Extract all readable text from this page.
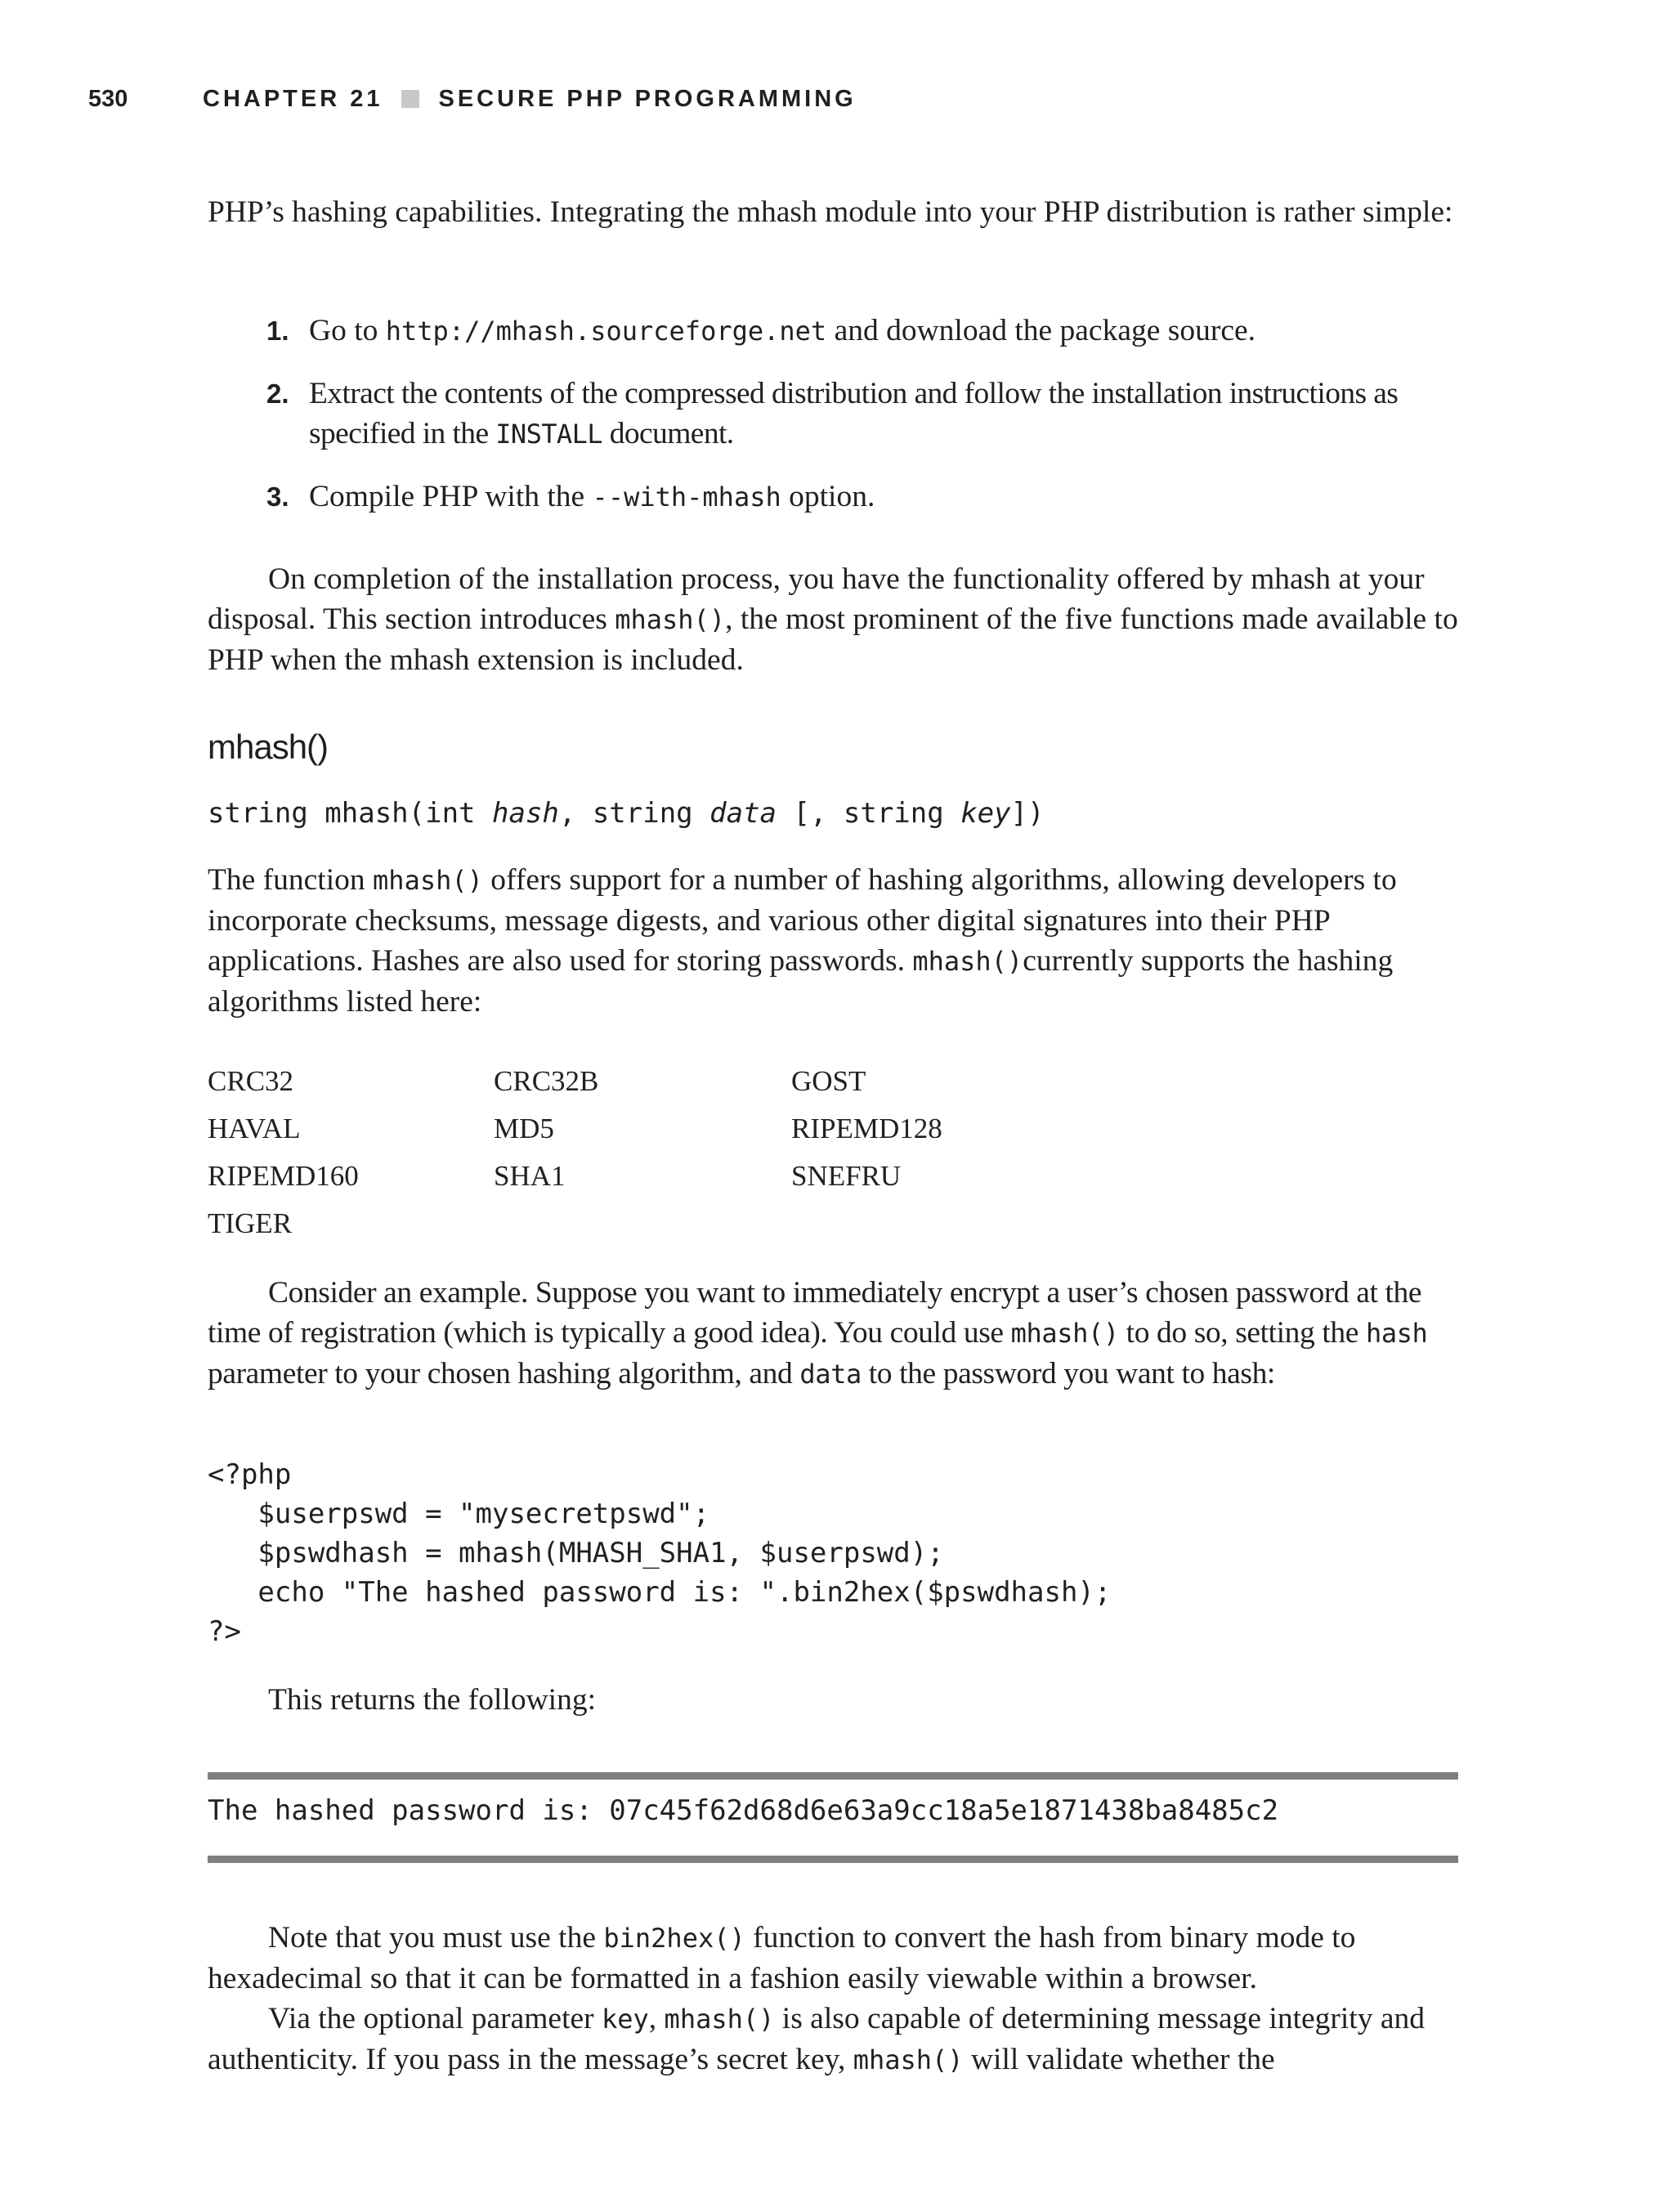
530	CHAPTER 21 SECURE PHP PROGRAMMING

PHP’s hashing capabilities. Integrating the mhash module into your PHP distribution is rather simple:

1. Go to http://mhash.sourceforge.net and download the package source.
2. Extract the contents of the compressed distribution and follow the installation instructions as specified in the INSTALL document.
3. Compile PHP with the --with-mhash option.

On completion of the installation process, you have the functionality offered by mhash at your disposal. This section introduces mhash(), the most prominent of the five functions made available to PHP when the mhash extension is included.

mhash()
string mhash(int hash, string data [, string key])

The function mhash() offers support for a number of hashing algorithms, allowing developers to incorporate checksums, message digests, and various other digital signatures into their PHP applications. Hashes are also used for storing passwords. mhash()currently supports the hashing algorithms listed here:

CRC32	CRC32B	GOST
HAVAL	MD5	RIPEMD128
RIPEMD160	SHA1	SNEFRU
TIGER

Consider an example. Suppose you want to immediately encrypt a user’s chosen password at the time of registration (which is typically a good idea). You could use mhash() to do so, setting the hash parameter to your chosen hashing algorithm, and data to the password you want to hash:

<?php
$userpswd = "mysecretpswd";
$pswdhash = mhash(MHASH_SHA1, $userpswd);
echo "The hashed password is: ".bin2hex($pswdhash);
?>

This returns the following:

The hashed password is: 07c45f62d68d6e63a9cc18a5e1871438ba8485c2

Note that you must use the bin2hex() function to convert the hash from binary mode to hexadecimal so that it can be formatted in a fashion easily viewable within a browser.

Via the optional parameter key, mhash() is also capable of determining message integrity and authenticity. If you pass in the message’s secret key, mhash() will validate whether the
